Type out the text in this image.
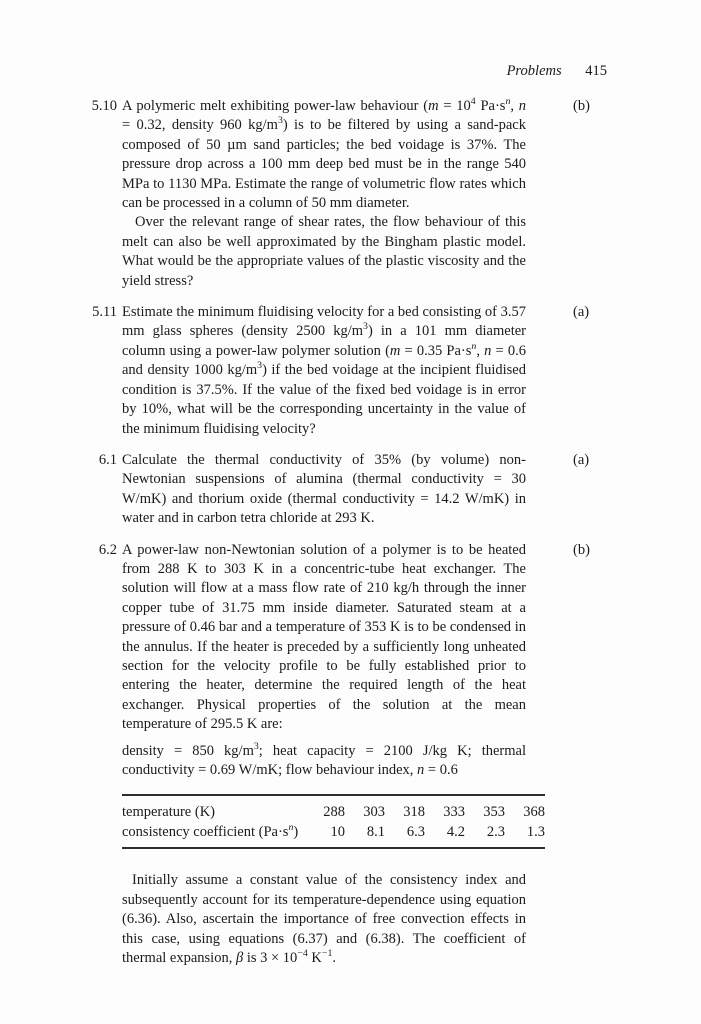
Problems 415
5.10	(b)

A polymeric melt exhibiting power-law behaviour ($m = 10^4$ $Pa\cdot s^n$, n = 0.32, density 960 $kg/m^3$) is to be filtered by using a sand-pack composed of 50 µm sand particles; the bed voidage is 37%. The pressure drop across a 100 mm deep bed must be in the range 540 MPa to 1130 MPa. Estimate the range of volumetric flow rates which can be processed in a column of 50 mm diameter.

Over the relevant range of shear rates, the flow behaviour of this melt can also be well approximated by the Bingham plastic model. What would be the appropriate values of the plastic viscosity and the yield stress?

5.11	(a)

Estimate the minimum fluidising velocity for a bed consisting of 3.57 mm glass spheres (density 2500 $kg/m^3$) in a 101 mm diameter column using a power-law polymer solution (m = 0.35 $Pa\cdot s^n$, n = 0.6 and density 1000 $kg/m^3$) if the bed voidage at the incipient fluidised condition is 37.5%. If the value of the fixed bed voidage is in error by 10%, what will be the corresponding uncertainty in the value of the minimum fluidising velocity?

6.1	(a)

Calculate the thermal conductivity of 35% (by volume) non-Newtonian suspensions of alumina (thermal conductivity = 30 W/mK) and thorium oxide (thermal conductivity = 14.2 W/mK) in water and in carbon tetra chloride at 293 K.

6.2	(b)

A power-law non-Newtonian solution of a polymer is to be heated from 288 K to 303 K in a concentric-tube heat exchanger. The solution will flow at a mass flow rate of 210 kg/h through the inner copper tube of 31.75 mm inside diameter. Saturated steam at a pressure of 0.46 bar and a temperature of 353 K is to be condensed in the annulus. If the heater is preceded by a sufficiently long unheated section for the velocity profile to be fully established prior to entering the heater, determine the required length of the heat exchanger. Physical properties of the solution at the mean temperature of 295.5 K are:

density = 850 $kg/m^3$; heat capacity = 2100 J/kg K; thermal conductivity = 0.69 W/mK; flow behaviour index, n = 0.6

temperature (K)	288	303	318	333	353	368
consistency coefficient $(Pa\cdot s^n)$	10	8.1	6.3	4.2	2.3	1.3

Initially assume a constant value of the consistency index and subsequently account for its temperature-dependence using equation (6.36). Also, ascertain the importance of free convection effects in this case, using equations (6.37) and (6.38). The coefficient of thermal expansion, β is $3 \times 10^{-4}$ $K^{-1}$.
